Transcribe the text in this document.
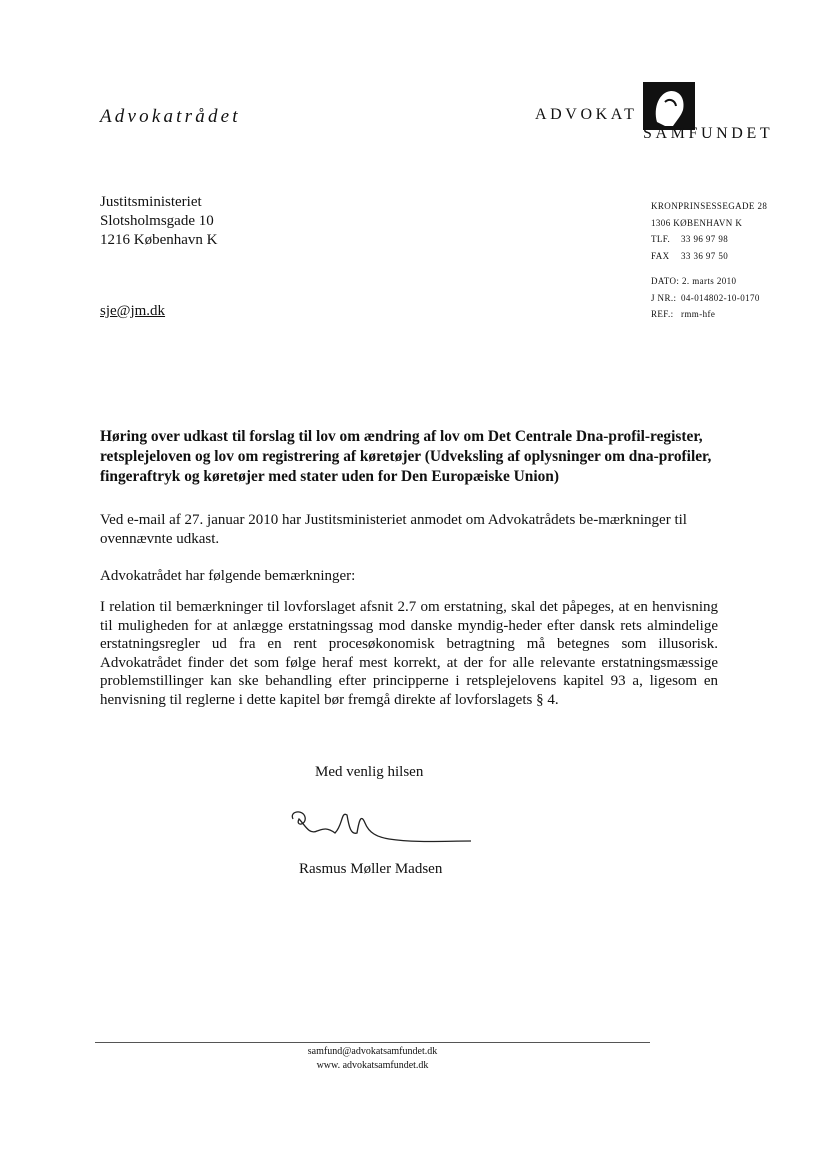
Advokatrådet	ADVOKAT
SAMFUNDET
Justitsministeriet
Slotsholmsgade 10
1216 København K
sje@jm.dk
KRONPRINSESSEGADE 28
1306 KØBENHAVN K
TLF. 33 96 97 98
FAX 33 36 97 50
DATO: 2. marts 2010
J NR.: 04-014802-10-0170
REF.: rmm-hfe
Høring over udkast til forslag til lov om ændring af lov om Det Centrale Dna-profil-register, retsplejeloven og lov om registrering af køretøjer (Udveksling af oplysninger om dna-profiler, fingeraftryk og køretøjer med stater uden for Den Europæiske Union)
Ved e-mail af 27. januar 2010 har Justitsministeriet anmodet om Advokatrådets be-mærkninger til ovennævnte udkast.
Advokatrådet har følgende bemærkninger:
I relation til bemærkninger til lovforslaget afsnit 2.7 om erstatning, skal det påpeges, at en henvisning til muligheden for at anlægge erstatningssag mod danske myndig-heder efter dansk rets almindelige erstatningsregler ud fra en rent procesøkonomisk betragtning må betegnes som illusorisk. Advokatrådet finder det som følge heraf mest korrekt, at der for alle relevante erstatningsmæssige problemstillinger kan ske behandling efter principperne i retsplejelovens kapitel 93 a, ligesom en henvisning til reglerne i dette kapitel bør fremgå direkte af lovforslagets § 4.
Med venlig hilsen
Rasmus Møller Madsen
samfund@advokatsamfundet.dk
www. advokatsamfundet.dk
